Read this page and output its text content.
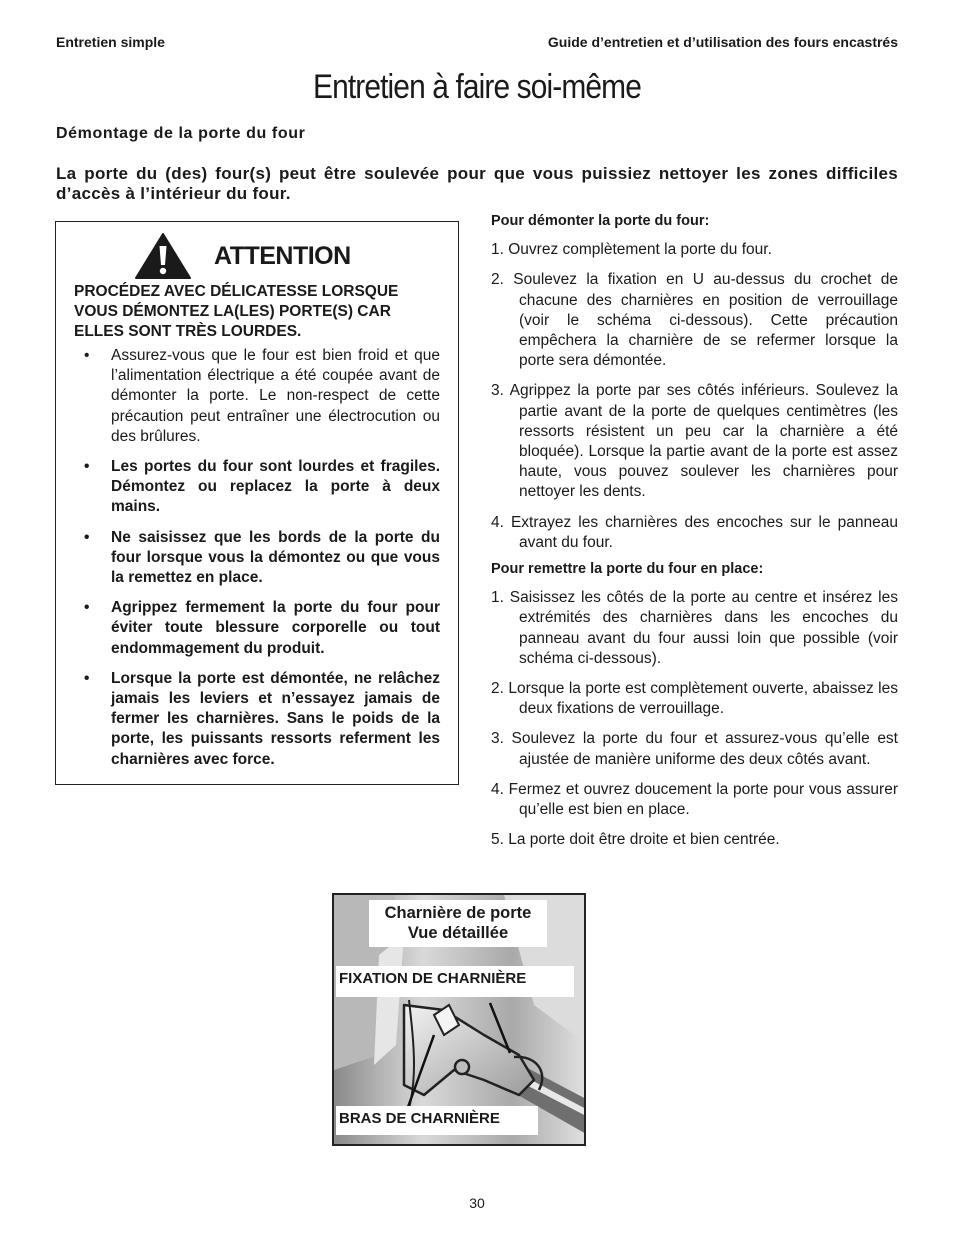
Entretien simple	Guide d’entretien et d’utilisation des fours encastrés
Entretien à faire soi-même
Démontage de la porte du four
La porte du (des) four(s) peut être soulevée pour que vous puissiez nettoyer les zones difficiles d’accès à l’intérieur du four.
ATTENTION
PROCÉDEZ AVEC DÉLICATESSE LORSQUE VOUS DÉMONTEZ LA(LES) PORTE(S) CAR ELLES SONT TRÈS LOURDES.
• Assurez-vous que le four est bien froid et que l’alimentation électrique a été coupée avant de démonter la porte. Le non-respect de cette précaution peut entraîner une électrocution ou des brûlures.
• Les portes du four sont lourdes et fragiles. Démontez ou replacez la porte à deux mains.
• Ne saisissez que les bords de la porte du four lorsque vous la démontez ou que vous la remettez en place.
• Agrippez fermement la porte du four pour éviter toute blessure corporelle ou tout endommagement du produit.
• Lorsque la porte est démontée, ne relâchez jamais les leviers et n’essayez jamais de fermer les charnières. Sans le poids de la porte, les puissants ressorts referment les charnières avec force.

Pour démonter la porte du four:

1. Ouvrez complètement la porte du four.
2. Soulevez la fixation en U au-dessus du crochet de chacune des charnières en position de verrouillage (voir le schéma ci-dessous). Cette précaution empêchera la charnière de se refermer lorsque la porte sera démontée.
3. Agrippez la porte par ses côtés inférieurs. Soulevez la partie avant de la porte de quelques centimètres (les ressorts résistent un peu car la charnière a été bloquée). Lorsque la partie avant de la porte est assez haute, vous pouvez soulever les charnières pour nettoyer les dents.
4. Extrayez les charnières des encoches sur le panneau avant du four.

Pour remettre la porte du four en place:

1. Saisissez les côtés de la porte au centre et insérez les extrémités des charnières dans les encoches du panneau avant du four aussi loin que possible (voir schéma ci-dessous).
2. Lorsque la porte est complètement ouverte, abaissez les deux fixations de verrouillage.
3. Soulevez la porte du four et assurez-vous qu’elle est ajustée de manière uniforme des deux côtés avant.
4. Fermez et ouvrez doucement la porte pour vous assurer qu’elle est bien en place.
5. La porte doit être droite et bien centrée.
Charnière de porte
Vue détaillée
FIXATION DE CHARNIÈRE
BRAS DE CHARNIÈRE
30
